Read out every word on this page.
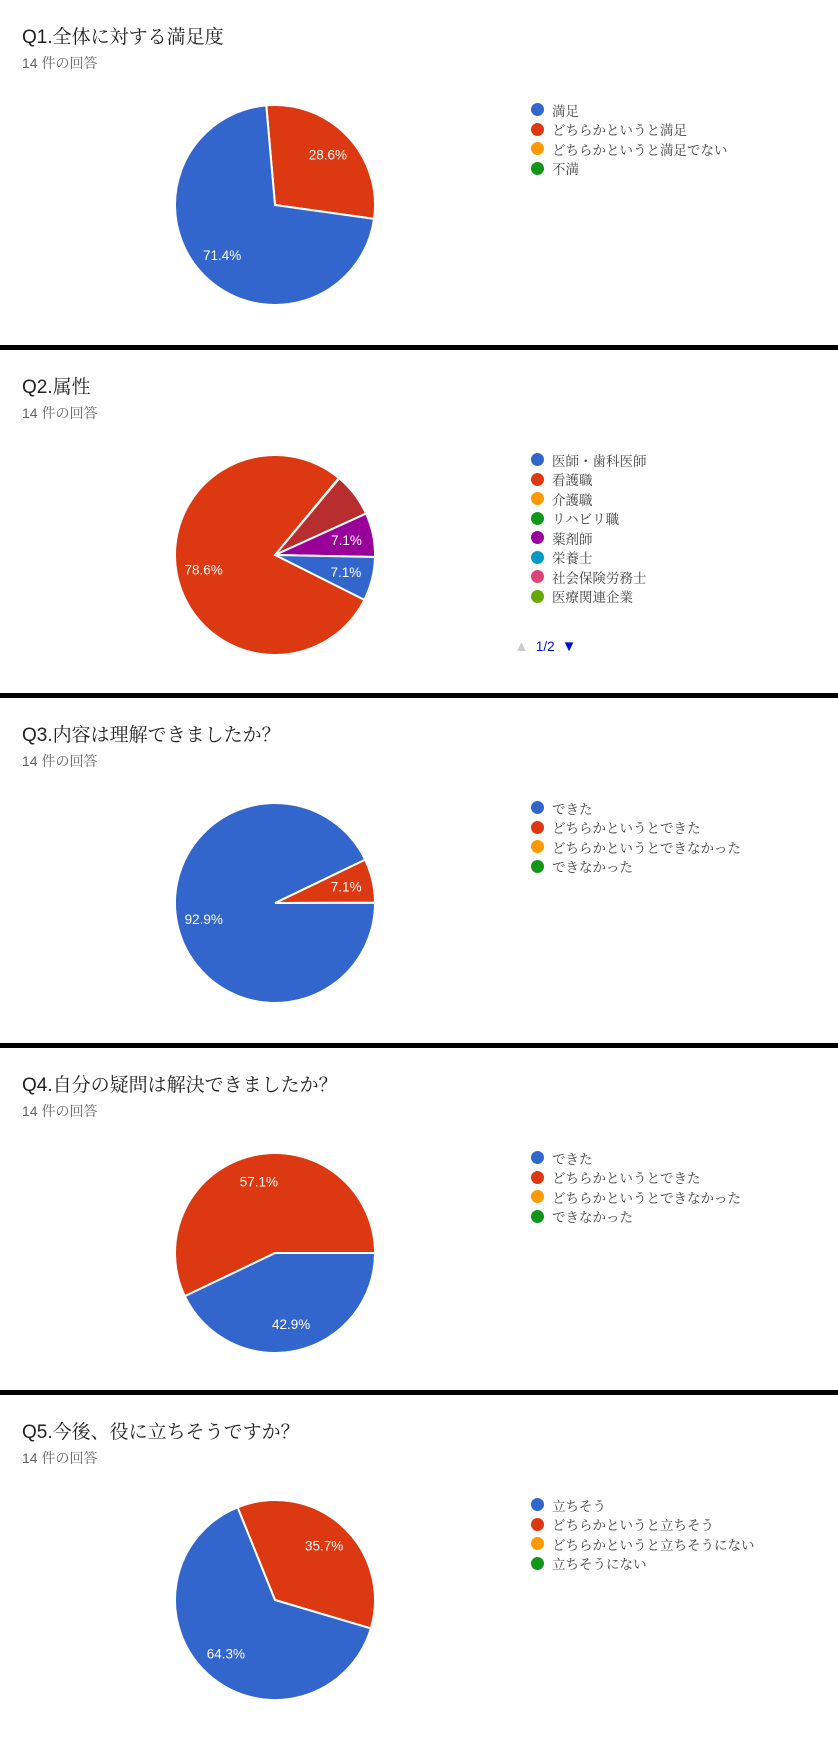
Q1.全体に対する満足度
14 件の回答
28.6%
71.4%
満足
どちらかというと満足
どちらかというと満足でない
不満
Q2.属性
14 件の回答
7.1%
7.1%
78.6%
医師・歯科医師
看護職
介護職
リハビリ職
薬剤師
栄養士
社会保険労務士
医療関連企業
▲ 1/2 ▼
Q3.内容は理解できましたか？
14 件の回答
7.1%
92.9%
できた
どちらかというとできた
どちらかというとできなかった
できなかった
Q4.自分の疑問は解決できましたか？
14 件の回答
42.9%
57.1%
できた
どちらかというとできた
どちらかというとできなかった
できなかった
Q5.今後、役に立ちそうですか？
14 件の回答
35.7%
64.3%
立ちそう
どちらかというと立ちそう
どちらかというと立ちそうにない
立ちそうにない
